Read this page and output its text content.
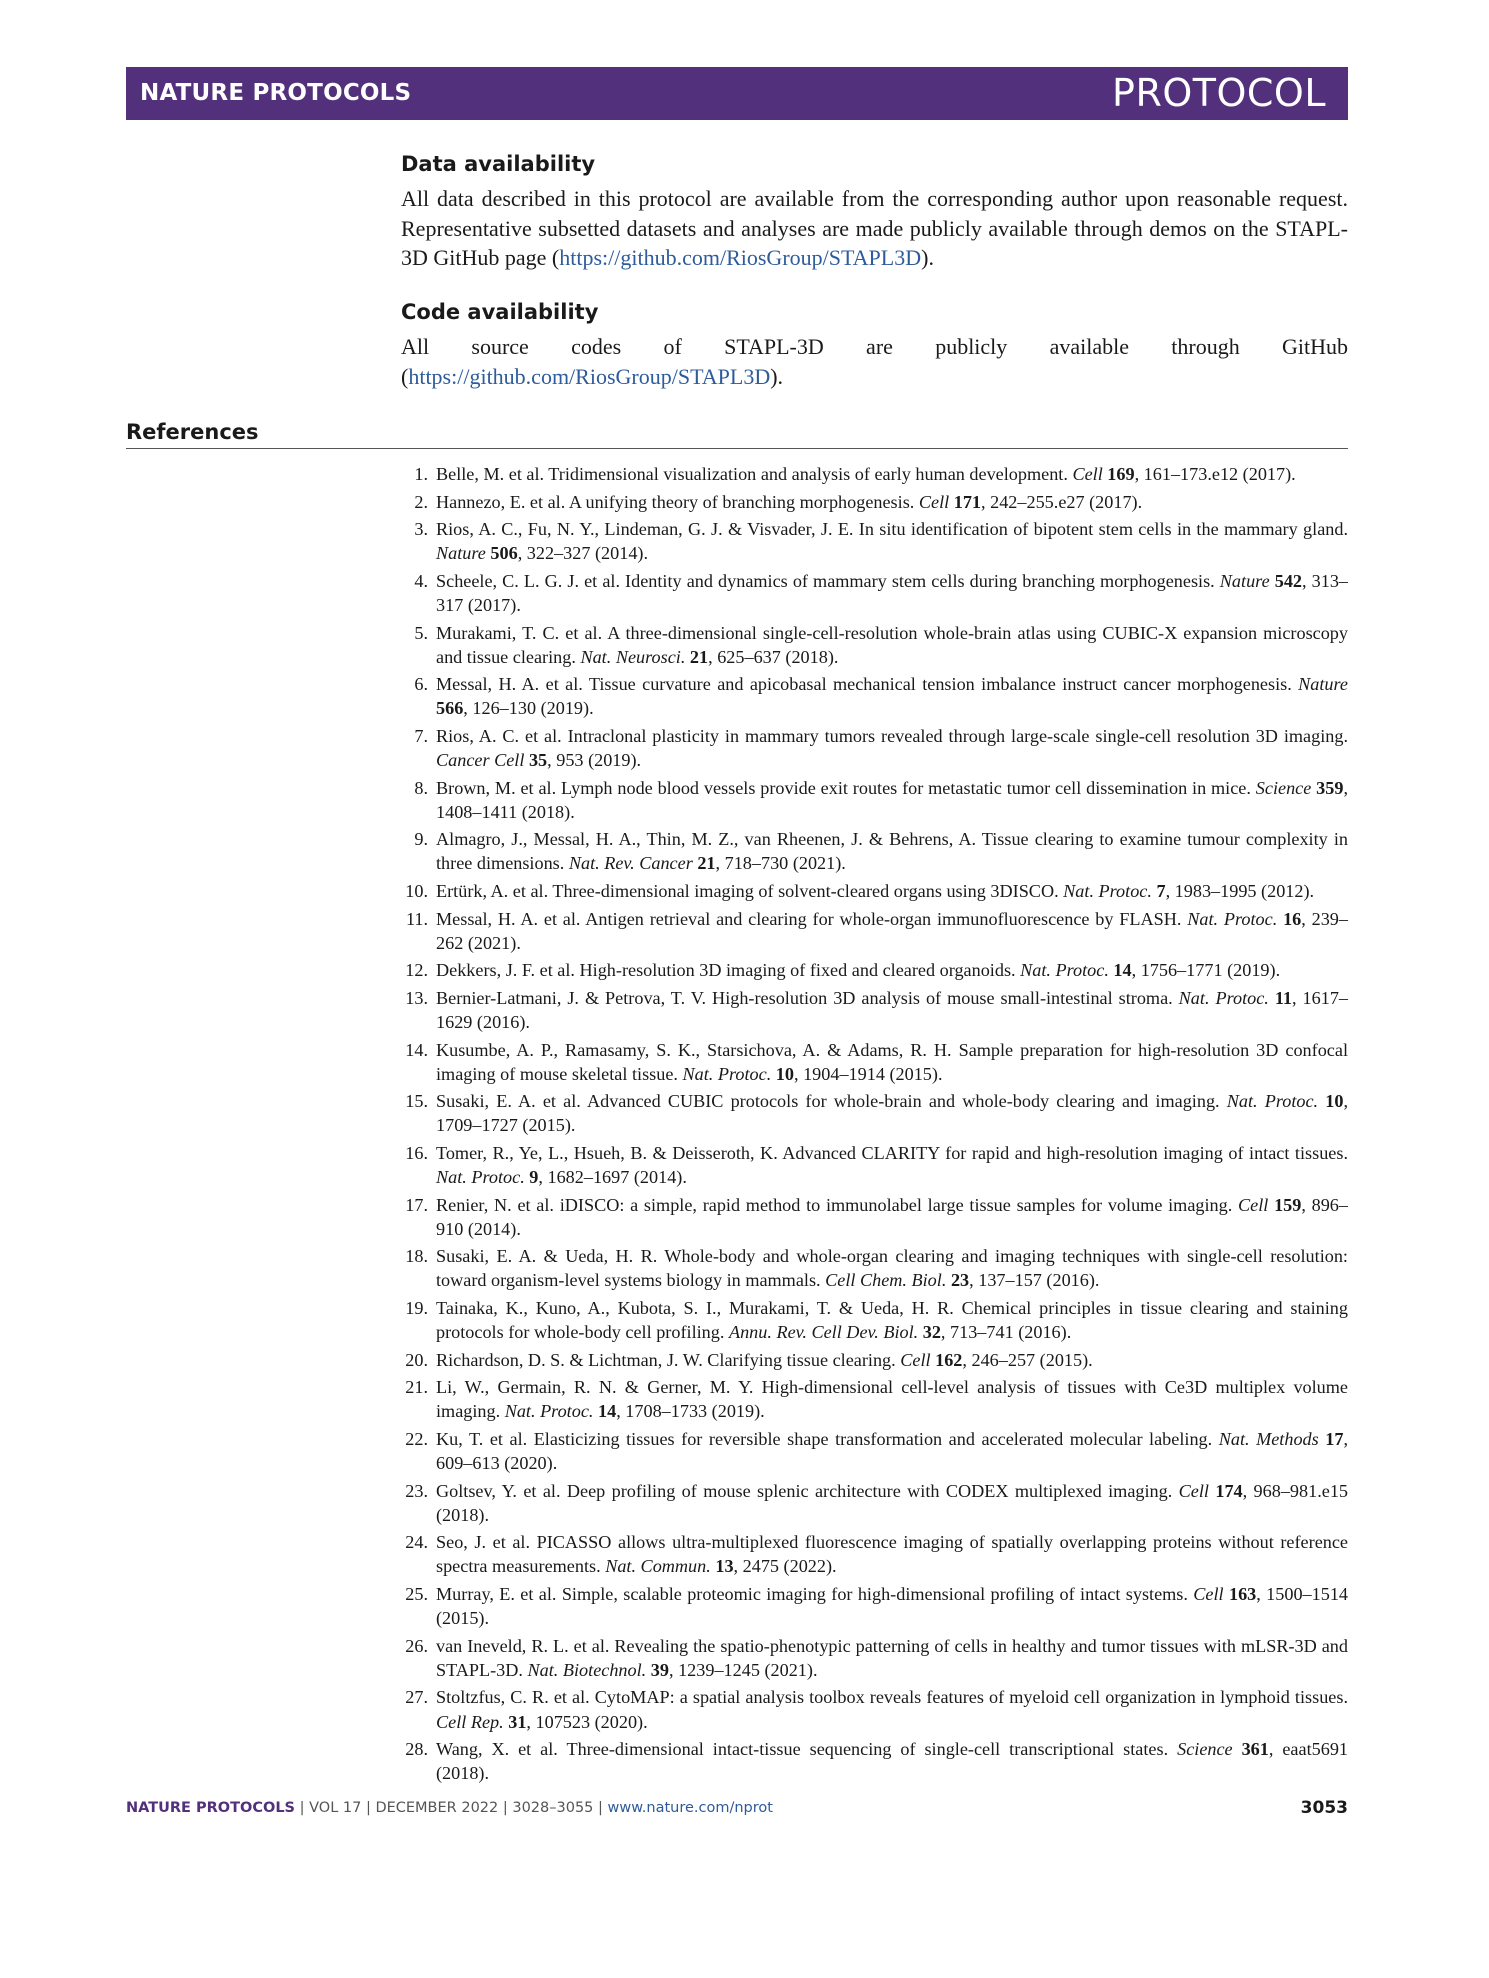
NATURE PROTOCOLS	PROTOCOL
Data availability

All data described in this protocol are available from the corresponding author upon reasonable request. Representative subsetted datasets and analyses are made publicly available through demos on the STAPL-3D GitHub page (https://github.com/RiosGroup/STAPL3D).

Code availability

All source codes of STAPL-3D are publicly available through GitHub (https://github.com/RiosGroup/STAPL3D).

References
1. Belle, M. et al. Tridimensional visualization and analysis of early human development. Cell 169, 161–173.e12 (2017).
2. Hannezo, E. et al. A unifying theory of branching morphogenesis. Cell 171, 242–255.e27 (2017).
3. Rios, A. C., Fu, N. Y., Lindeman, G. J. & Visvader, J. E. In situ identification of bipotent stem cells in the mammary gland. Nature 506, 322–327 (2014).
4. Scheele, C. L. G. J. et al. Identity and dynamics of mammary stem cells during branching morphogenesis. Nature 542, 313–317 (2017).
5. Murakami, T. C. et al. A three-dimensional single-cell-resolution whole-brain atlas using CUBIC-X expansion microscopy and tissue clearing. Nat. Neurosci. 21, 625–637 (2018).
6. Messal, H. A. et al. Tissue curvature and apicobasal mechanical tension imbalance instruct cancer morphogenesis. Nature 566, 126–130 (2019).
7. Rios, A. C. et al. Intraclonal plasticity in mammary tumors revealed through large-scale single-cell resolution 3D imaging. Cancer Cell 35, 953 (2019).
8. Brown, M. et al. Lymph node blood vessels provide exit routes for metastatic tumor cell dissemination in mice. Science 359, 1408–1411 (2018).
9. Almagro, J., Messal, H. A., Thin, M. Z., van Rheenen, J. & Behrens, A. Tissue clearing to examine tumour complexity in three dimensions. Nat. Rev. Cancer 21, 718–730 (2021).
10. Ertürk, A. et al. Three-dimensional imaging of solvent-cleared organs using 3DISCO. Nat. Protoc. 7, 1983–1995 (2012).
11. Messal, H. A. et al. Antigen retrieval and clearing for whole-organ immunofluorescence by FLASH. Nat. Protoc. 16, 239–262 (2021).
12. Dekkers, J. F. et al. High-resolution 3D imaging of fixed and cleared organoids. Nat. Protoc. 14, 1756–1771 (2019).
13. Bernier-Latmani, J. & Petrova, T. V. High-resolution 3D analysis of mouse small-intestinal stroma. Nat. Protoc. 11, 1617–1629 (2016).
14. Kusumbe, A. P., Ramasamy, S. K., Starsichova, A. & Adams, R. H. Sample preparation for high-resolution 3D confocal imaging of mouse skeletal tissue. Nat. Protoc. 10, 1904–1914 (2015).
15. Susaki, E. A. et al. Advanced CUBIC protocols for whole-brain and whole-body clearing and imaging. Nat. Protoc. 10, 1709–1727 (2015).
16. Tomer, R., Ye, L., Hsueh, B. & Deisseroth, K. Advanced CLARITY for rapid and high-resolution imaging of intact tissues. Nat. Protoc. 9, 1682–1697 (2014).
17. Renier, N. et al. iDISCO: a simple, rapid method to immunolabel large tissue samples for volume imaging. Cell 159, 896–910 (2014).
18. Susaki, E. A. & Ueda, H. R. Whole-body and whole-organ clearing and imaging techniques with single-cell resolution: toward organism-level systems biology in mammals. Cell Chem. Biol. 23, 137–157 (2016).
19. Tainaka, K., Kuno, A., Kubota, S. I., Murakami, T. & Ueda, H. R. Chemical principles in tissue clearing and staining protocols for whole-body cell profiling. Annu. Rev. Cell Dev. Biol. 32, 713–741 (2016).
20. Richardson, D. S. & Lichtman, J. W. Clarifying tissue clearing. Cell 162, 246–257 (2015).
21. Li, W., Germain, R. N. & Gerner, M. Y. High-dimensional cell-level analysis of tissues with Ce3D multiplex volume imaging. Nat. Protoc. 14, 1708–1733 (2019).
22. Ku, T. et al. Elasticizing tissues for reversible shape transformation and accelerated molecular labeling. Nat. Methods 17, 609–613 (2020).
23. Goltsev, Y. et al. Deep profiling of mouse splenic architecture with CODEX multiplexed imaging. Cell 174, 968–981.e15 (2018).
24. Seo, J. et al. PICASSO allows ultra-multiplexed fluorescence imaging of spatially overlapping proteins without reference spectra measurements. Nat. Commun. 13, 2475 (2022).
25. Murray, E. et al. Simple, scalable proteomic imaging for high-dimensional profiling of intact systems. Cell 163, 1500–1514 (2015).
26. van Ineveld, R. L. et al. Revealing the spatio-phenotypic patterning of cells in healthy and tumor tissues with mLSR-3D and STAPL-3D. Nat. Biotechnol. 39, 1239–1245 (2021).
27. Stoltzfus, C. R. et al. CytoMAP: a spatial analysis toolbox reveals features of myeloid cell organization in lymphoid tissues. Cell Rep. 31, 107523 (2020).
28. Wang, X. et al. Three-dimensional intact-tissue sequencing of single-cell transcriptional states. Science 361, eaat5691 (2018).
NATURE PROTOCOLS | VOL 17 | DECEMBER 2022 | 3028–3055 | www.nature.com/nprot	3053
